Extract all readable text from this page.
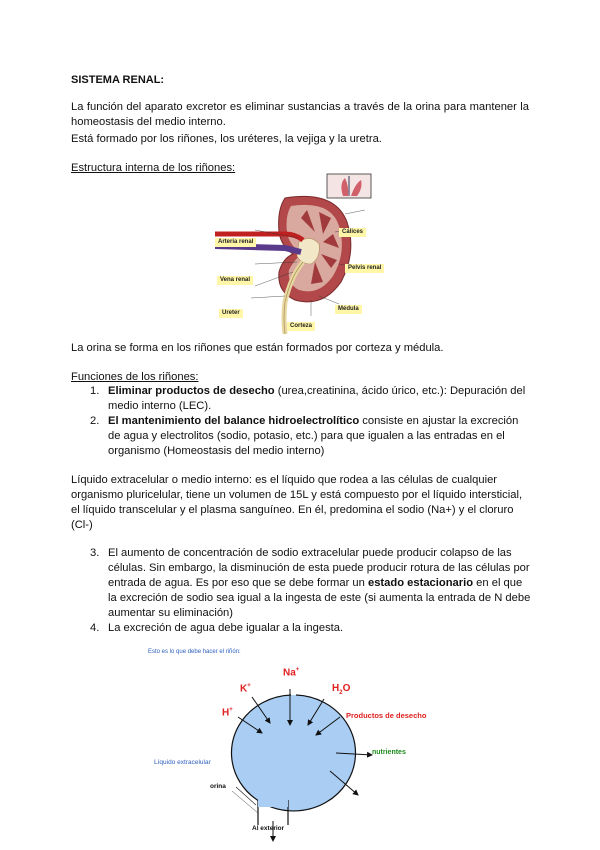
SISTEMA RENAL:
La función del aparato excretor es eliminar sustancias a través de la orina para mantener la homeostasis del medio interno.
Está formado por los riñones, los uréteres, la vejiga y la uretra.
Estructura interna de los riñones:
Cálices
Arteria renal
Pelvis renal
Vena renal
Médula
Ureter
Corteza
La orina se forma en los riñones que están formados por corteza y médula.
Funciones de los riñones:
1. Eliminar productos de desecho (urea,creatinina, ácido úrico, etc.): Depuración del
medio interno (LEC).
2. El mantenimiento del balance hidroelectrolítico consiste en ajustar la excreción
de agua y electrolitos (sodio, potasio, etc.) para que igualen a las entradas en el
organismo (Homeostasis del medio interno)
Líquido extracelular o medio interno: es el líquido que rodea a las células de cualquier
organismo pluricelular, tiene un volumen de 15L y está compuesto por el líquido intersticial,
el líquido transcelular y el plasma sanguíneo. En él, predomina el sodio (Na+) y el cloruro
(Cl-)
3. El aumento de concentración de sodio extracelular puede producir colapso de las
células. Sin embargo, la disminución de esta puede producir rotura de las células por
entrada de agua. Es por eso que se debe formar un estado estacionario en el que
la excreción de sodio sea igual a la ingesta de este (si aumenta la entrada de N debe
aumentar su eliminación)
4. La excreción de agua debe igualar a la ingesta.
Esto es lo que debe hacer el riñón:
Na+
K+	$H_2O$
H+
Productos de desecho
nutrientes
Líquido extracelular
orina
Al exterior
